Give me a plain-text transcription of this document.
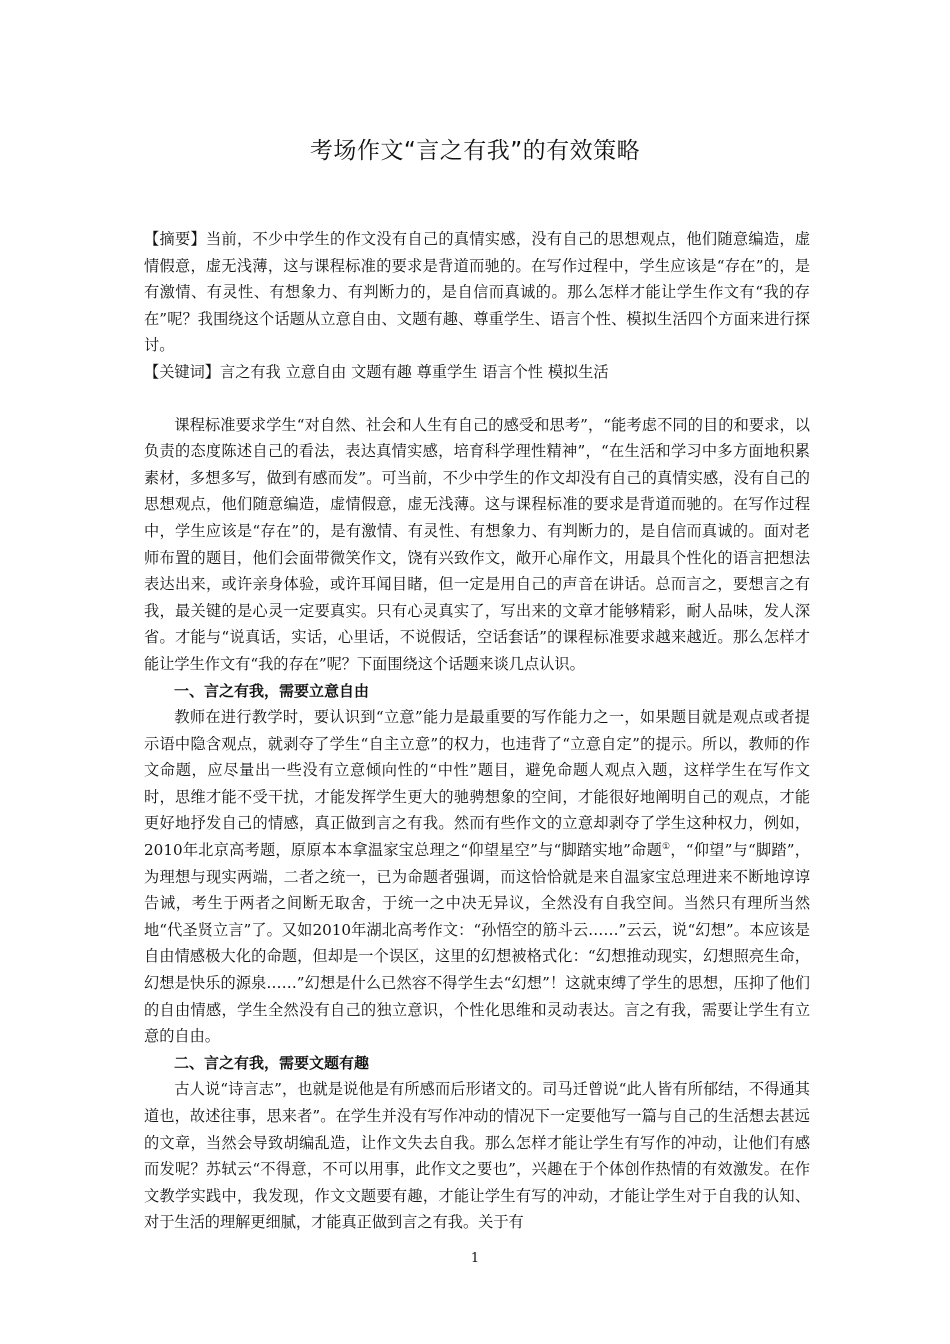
考场作文“言之有我”的有效策略

【摘要】当前，不少中学生的作文没有自己的真情实感，没有自己的思想观点，他们随意编造，虚情假意，虚无浅薄，这与课程标准的要求是背道而驰的。在写作过程中，学生应该是“存在”的，是有激情、有灵性、有想象力、有判断力的，是自信而真诚的。那么怎样才能让学生作文有“我的存在”呢？我围绕这个话题从立意自由、文题有趣、尊重学生、语言个性、模拟生活四个方面来进行探讨。

【关键词】言之有我 立意自由 文题有趣 尊重学生 语言个性 模拟生活

课程标准要求学生“对自然、社会和人生有自己的感受和思考”，“能考虑不同的目的和要求，以负责的态度陈述自己的看法，表达真情实感，培育科学理性精神”，“在生活和学习中多方面地积累素材，多想多写，做到有感而发”。可当前，不少中学生的作文却没有自己的真情实感，没有自己的思想观点，他们随意编造，虚情假意，虚无浅薄。这与课程标准的要求是背道而驰的。在写作过程中，学生应该是“存在”的，是有激情、有灵性、有想象力、有判断力的，是自信而真诚的。面对老师布置的题目，他们会面带微笑作文，饶有兴致作文，敞开心扉作文，用最具个性化的语言把想法表达出来，或许亲身体验，或许耳闻目睹，但一定是用自己的声音在讲话。总而言之，要想言之有我，最关键的是心灵一定要真实。只有心灵真实了，写出来的文章才能够精彩，耐人品味，发人深省。才能与“说真话，实话，心里话，不说假话，空话套话”的课程标准要求越来越近。那么怎样才能让学生作文有“我的存在”呢？下面围绕这个话题来谈几点认识。

一、言之有我，需要立意自由

教师在进行教学时，要认识到“立意”能力是最重要的写作能力之一，如果题目就是观点或者提示语中隐含观点，就剥夺了学生“自主立意”的权力，也违背了“立意自定”的提示。所以，教师的作文命题，应尽量出一些没有立意倾向性的“中性”题目，避免命题人观点入题，这样学生在写作文时，思维才能不受干扰，才能发挥学生更大的驰骋想象的空间，才能很好地阐明自己的观点，才能更好地抒发自己的情感，真正做到言之有我。然而有些作文的立意却剥夺了学生这种权力，例如，2010年北京高考题，原原本本拿温家宝总理之“仰望星空”与“脚踏实地”命题①，“仰望”与“脚踏”，为理想与现实两端，二者之统一，已为命题者强调，而这恰恰就是来自温家宝总理进来不断地谆谆告诫，考生于两者之间断无取舍，于统一之中决无异议，全然没有自我空间。当然只有理所当然地“代圣贤立言”了。又如2010年湖北高考作文：“孙悟空的筋斗云……”云云，说“幻想”。本应该是自由情感极大化的命题，但却是一个误区，这里的幻想被格式化：“幻想推动现实，幻想照亮生命，幻想是快乐的源泉……”幻想是什么已然容不得学生去“幻想”！这就束缚了学生的思想，压抑了他们的自由情感，学生全然没有自己的独立意识，个性化思维和灵动表达。言之有我，需要让学生有立意的自由。

二、言之有我，需要文题有趣

古人说“诗言志”，也就是说他是有所感而后形诸文的。司马迁曾说“此人皆有所郁结，不得通其道也，故述往事，思来者”。在学生并没有写作冲动的情况下一定要他写一篇与自己的生活想去甚远的文章，当然会导致胡编乱造，让作文失去自我。那么怎样才能让学生有写作的冲动，让他们有感而发呢？苏轼云“不得意，不可以用事，此作文之要也”，兴趣在于个体创作热情的有效激发。在作文教学实践中，我发现，作文文题要有趣，才能让学生有写的冲动，才能让学生对于自我的认知、对于生活的理解更细腻，才能真正做到言之有我。关于有

1
